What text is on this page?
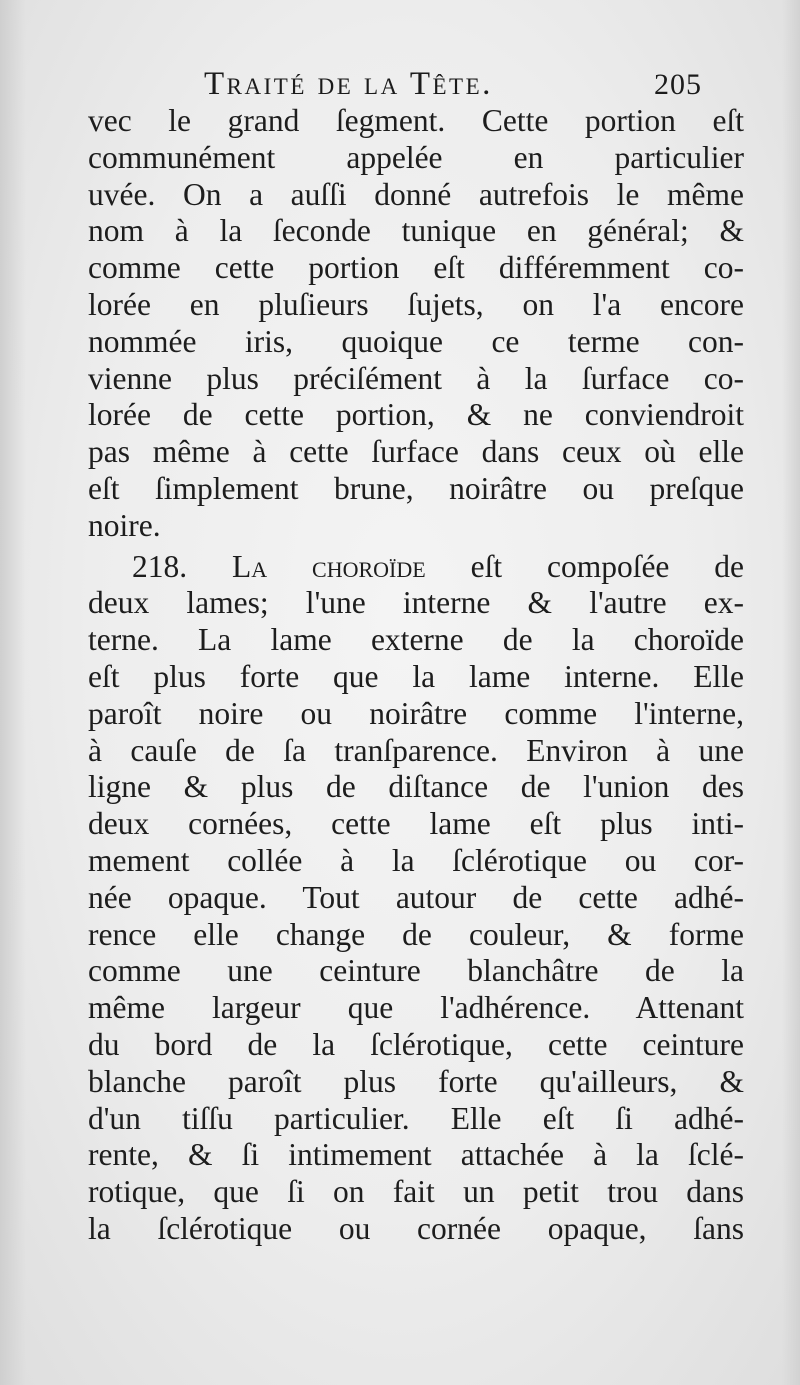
Traité de la Tête.	205
vec le grand ſegment. Cette portion eſt
communément appelée en particulier
uvée. On a auſſi donné autrefois le même
nom à la ſeconde tunique en général; &
comme cette portion eſt différemment co-
lorée en pluſieurs ſujets, on l'a encore
nommée iris, quoique ce terme con-
vienne plus préciſément à la ſurface co-
lorée de cette portion, & ne conviendroit
pas même à cette ſurface dans ceux où elle
eſt ſimplement brune, noirâtre ou preſque
noire.
218. La choroïde eſt compoſée de
deux lames; l'une interne & l'autre ex-
terne. La lame externe de la choroïde
eſt plus forte que la lame interne. Elle
paroît noire ou noirâtre comme l'interne,
à cauſe de ſa tranſparence. Environ à une
ligne & plus de diſtance de l'union des
deux cornées, cette lame eſt plus inti-
mement collée à la ſclérotique ou cor-
née opaque. Tout autour de cette adhé-
rence elle change de couleur, & forme
comme une ceinture blanchâtre de la
même largeur que l'adhérence. Attenant
du bord de la ſclérotique, cette ceinture
blanche paroît plus forte qu'ailleurs, &
d'un tiſſu particulier. Elle eſt ſi adhé-
rente, & ſi intimement attachée à la ſclé-
rotique, que ſi on fait un petit trou dans
la ſclérotique ou cornée opaque, ſans
